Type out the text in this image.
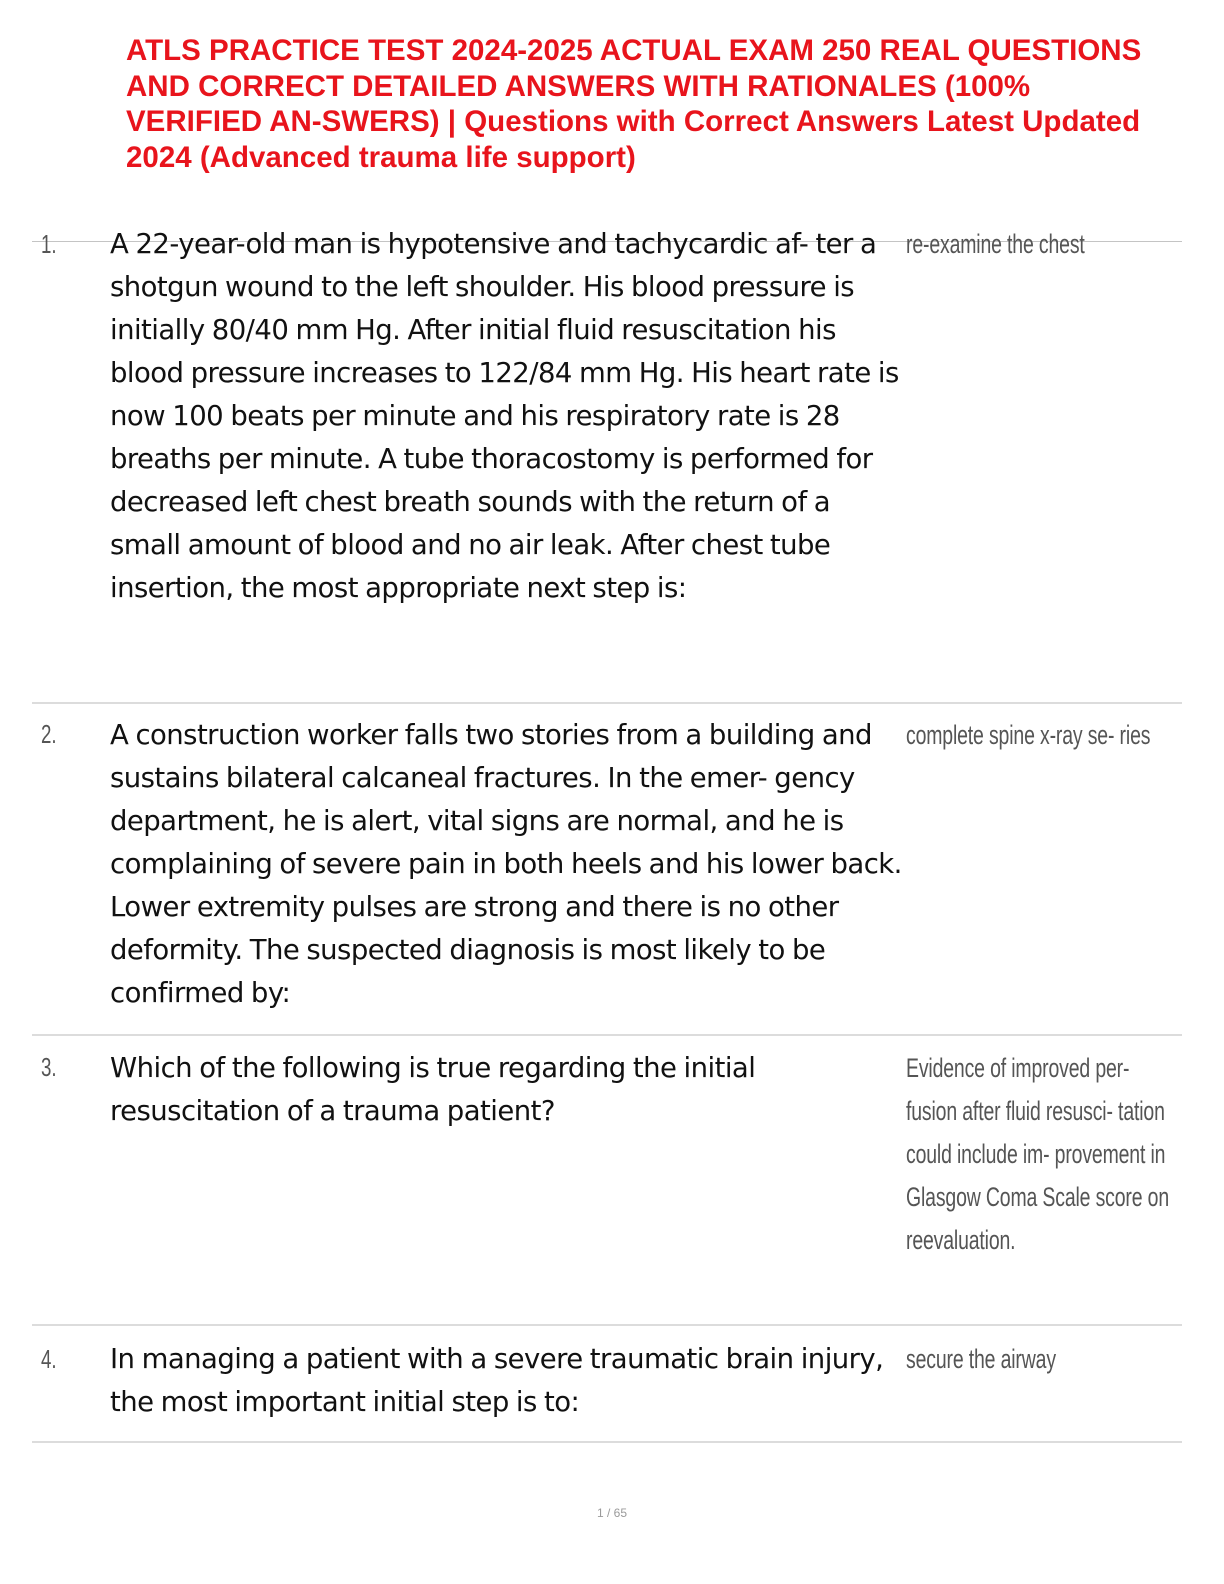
ATLS PRACTICE TEST 2024-2025 ACTUAL EXAM 250 REAL QUESTIONS
AND CORRECT DETAILED ANSWERS WITH RATIONALES (100%
VERIFIED AN-SWERS) | Questions with Correct Answers Latest Updated
2024 (Advanced trauma life support)
1. A 22-year-old man is hypotensive and tachycardic af- ter a shotgun wound to the left shoulder. His blood pressure is initially 80/40 mm Hg. After initial fluid resuscitation his blood pressure increases to 122/84 mm Hg. His heart rate is now 100 beats per minute and his respiratory rate is 28 breaths per minute. A tube thoracostomy is performed for decreased left chest breath sounds with the return of a small amount of blood and no air leak. After chest tube insertion, the most appropriate next step is:
re-examine the chest
2. A construction worker falls two stories from a building and sustains bilateral calcaneal fractures. In the emer- gency department, he is alert, vital signs are normal, and he is complaining of severe pain in both heels and his lower back. Lower extremity pulses are strong and there is no other deformity. The suspected diagnosis is most likely to be confirmed by:
complete spine x-ray se- ries
3. Which of the following is true regarding the initial resuscitation of a trauma patient?
Evidence of improved per- fusion after fluid resusci- tation could include im- provement in Glasgow Coma Scale score on reevaluation.
4. In managing a patient with a severe traumatic brain injury, the most important initial step is to:
secure the airway
1 / 65
